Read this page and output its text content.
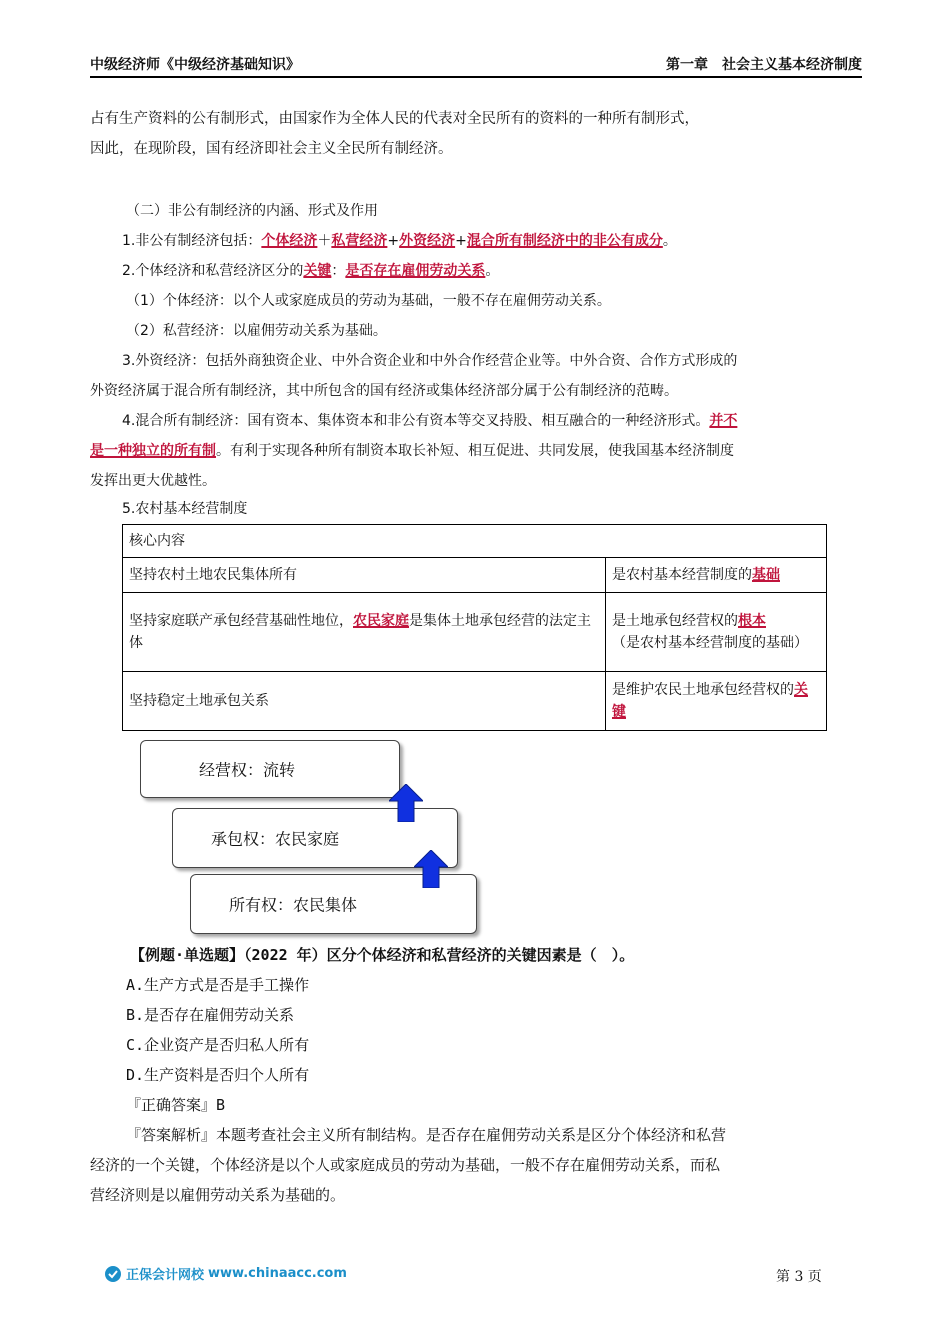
中级经济师《中级经济基础知识》	第一章　社会主义基本经济制度
占有生产资料的公有制形式，由国家作为全体人民的代表对全民所有的资料的一种所有制形式，
因此，在现阶段，国有经济即社会主义全民所有制经济。
（二）非公有制经济的内涵、形式及作用
1.非公有制经济包括：个体经济＋私营经济+外资经济+混合所有制经济中的非公有成分。
2.个体经济和私营经济区分的关键：是否存在雇佣劳动关系。
（1）个体经济：以个人或家庭成员的劳动为基础，一般不存在雇佣劳动关系。
（2）私营经济：以雇佣劳动关系为基础。
3.外资经济：包括外商独资企业、中外合资企业和中外合作经营企业等。中外合资、合作方式形成的
外资经济属于混合所有制经济，其中所包含的国有经济或集体经济部分属于公有制经济的范畴。
4.混合所有制经济：国有资本、集体资本和非公有资本等交叉持股、相互融合的一种经济形式。并不
是一种独立的所有制。有利于实现各种所有制资本取长补短、相互促进、共同发展，使我国基本经济制度
发挥出更大优越性。
5.农村基本经营制度
核心内容	
坚持农村土地农民集体所有	是农村基本经营制度的基础
坚持家庭联产承包经营基础性地位，农民家庭是集体土地承包经营的法定主体	是土地承包经营权的根本
（是农村基本经营制度的基础）
坚持稳定土地承包关系	是维护农民土地承包经营权的关键
经营权：流转
承包权：农民家庭
所有权：农民集体
【例题·单选题】（2022 年）区分个体经济和私营经济的关键因素是（　）。
A.生产方式是否是手工操作
B.是否存在雇佣劳动关系
C.企业资产是否归私人所有
D.生产资料是否归个人所有
『正确答案』B
『答案解析』本题考查社会主义所有制结构。是否存在雇佣劳动关系是区分个体经济和私营
经济的一个关键，个体经济是以个人或家庭成员的劳动为基础，一般不存在雇佣劳动关系，而私
营经济则是以雇佣劳动关系为基础的。
正保会计网校 www.chinaacc.com	第 3 页
